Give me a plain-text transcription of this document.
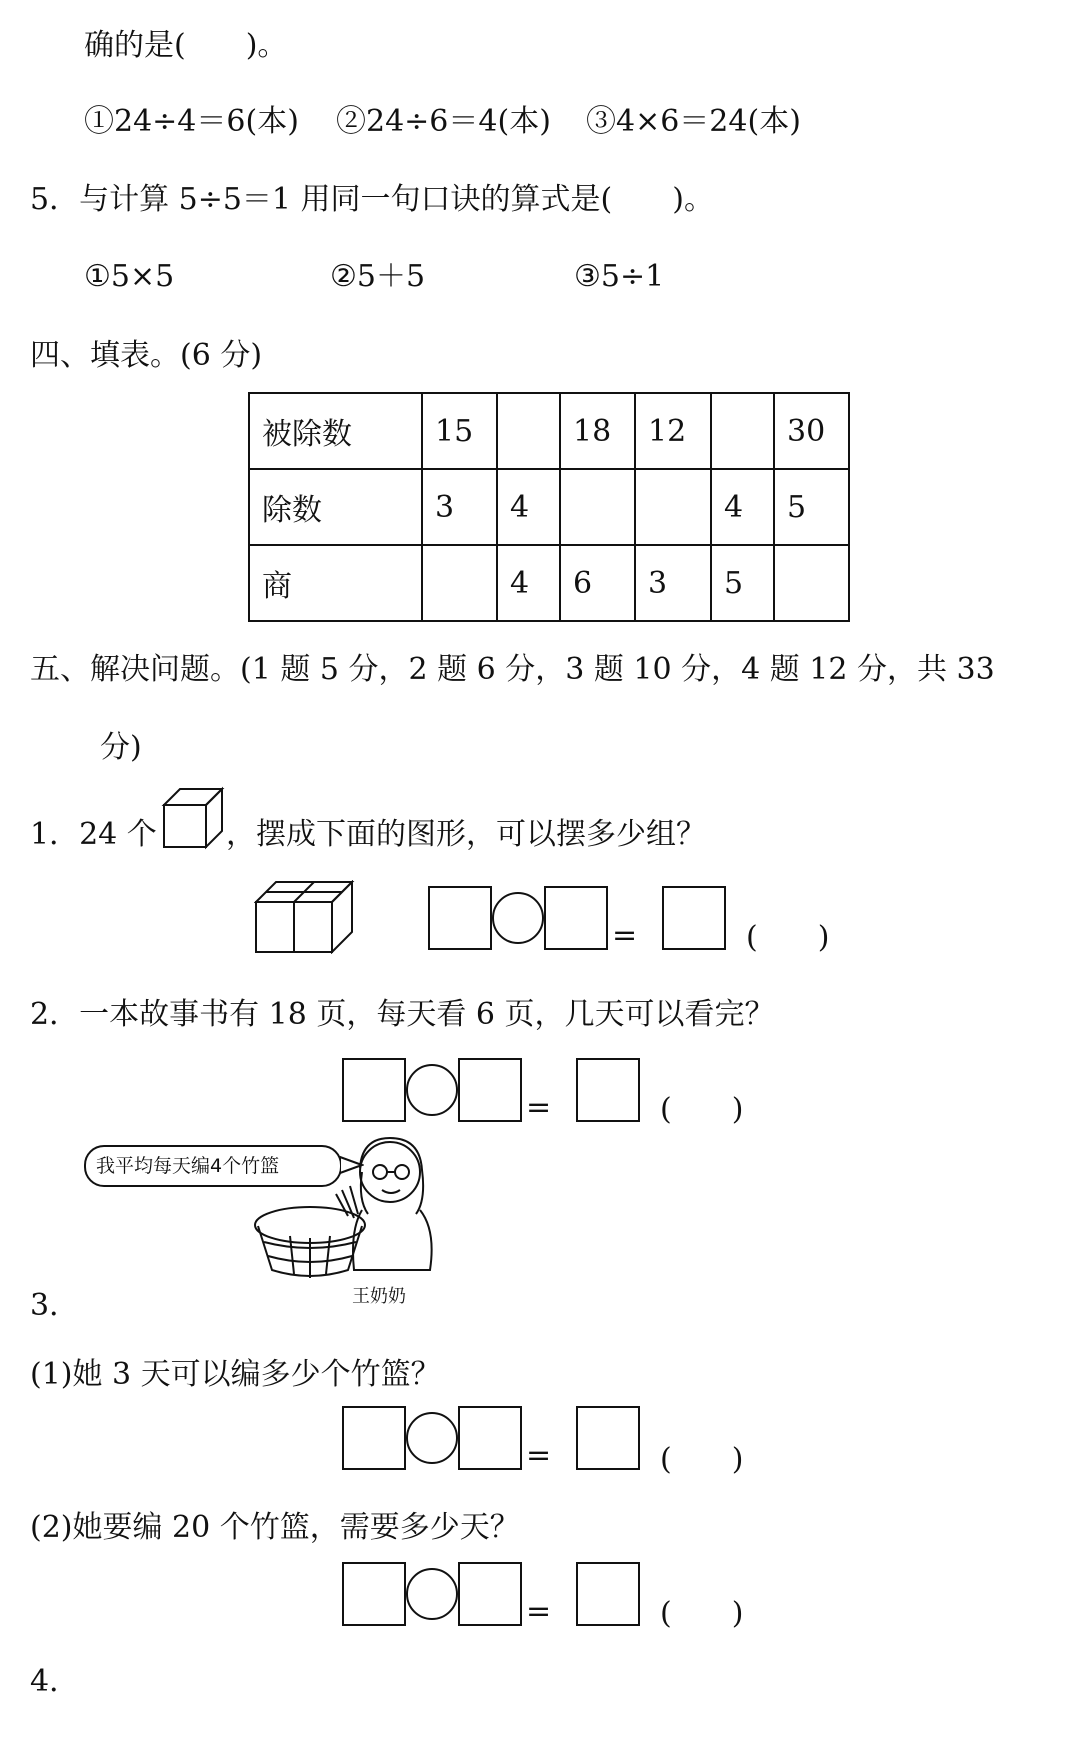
确的是(　　)。
①24÷4＝6(本) ②24÷6＝4(本) ③4×6＝24(本)
5．与计算 5÷5＝1 用同一句口诀的算式是(　　)。
①5×5	②5＋5	③5÷1
四、填表。(6 分)
被除数	15		18	12		30
除数	3	4			4	5
商		4	6	3	5	
五、解决问题。(1 题 5 分，2 题 6 分，3 题 10 分，4 题 12 分，共 33
分)
1．24 个 ，摆成下面的图形，可以摆多少组？
=	(　　)
2．一本故事书有 18 页，每天看 6 页，几天可以看完？
=	(　　)
我平均每天编4个竹篮
王奶奶
3．
(1)她 3 天可以编多少个竹篮？
=	(　　)
(2)她要编 20 个竹篮，需要多少天？
=	(　　)
4．
